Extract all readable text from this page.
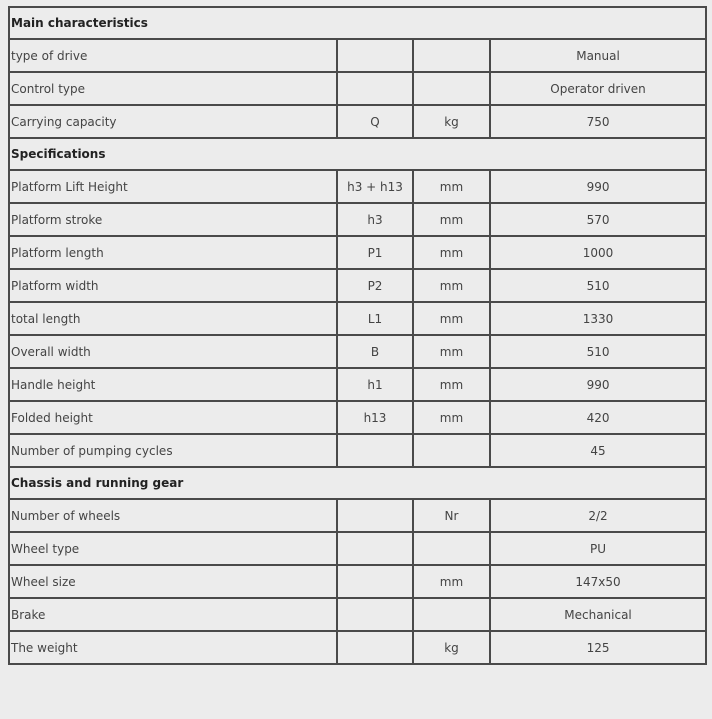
Main characteristics			
type of drive			Manual
Control type			Operator driven
Carrying capacity	Q	kg	750
Specifications			
Platform Lift Height	h3 + h13	mm	990
Platform stroke	h3	mm	570
Platform length	P1	mm	1000
Platform width	P2	mm	510
total length	L1	mm	1330
Overall width	B	mm	510
Handle height	h1	mm	990
Folded height	h13	mm	420
Number of pumping cycles			45
Chassis and running gear			
Number of wheels		Nr	2/2
Wheel type			PU
Wheel size		mm	147x50
Brake			Mechanical
The weight		kg	125
